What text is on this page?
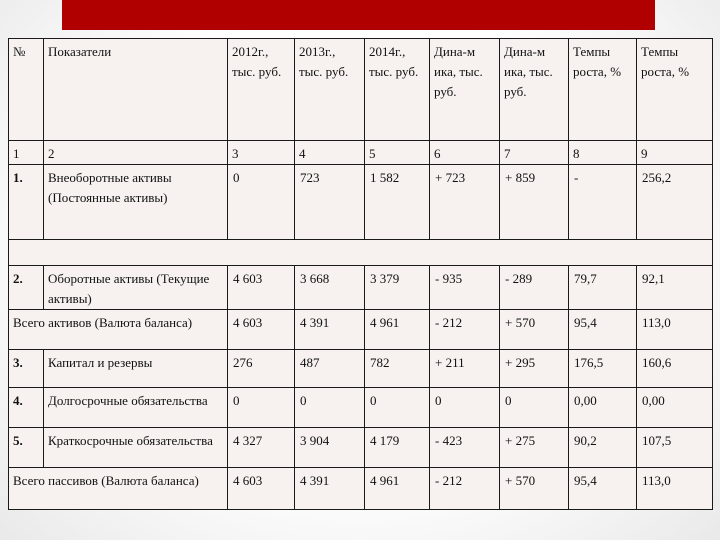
№	Показатели	2012г., тыс. руб.	2013г., тыс. руб.	2014г., тыс. руб.	Дина-м ика, тыс. руб.	Дина-м ика, тыс. руб.	Темпы роста, %	Темпы роста, %
1	2	3	4	5	6	7	8	9
1.	Внеоборотные активы (Постоянные активы)	0	723	1 582	+ 723	+ 859	-	256,2

2.	Оборотные активы (Текущие активы)	4 603	3 668	3 379	- 935	- 289	79,7	92,1
Всего активов (Валюта баланса)		4 603	4 391	4 961	- 212	+ 570	95,4	113,0
3.	Капитал и резервы	276	487	782	+ 211	+ 295	176,5	160,6
4.	Долгосрочные обязательства	0	0	0	0	0	0,00	0,00
5.	Краткосрочные обязательства	4 327	3 904	4 179	- 423	+ 275	90,2	107,5
Всего пассивов (Валюта баланса)		4 603	4 391	4 961	- 212	+ 570	95,4	113,0
